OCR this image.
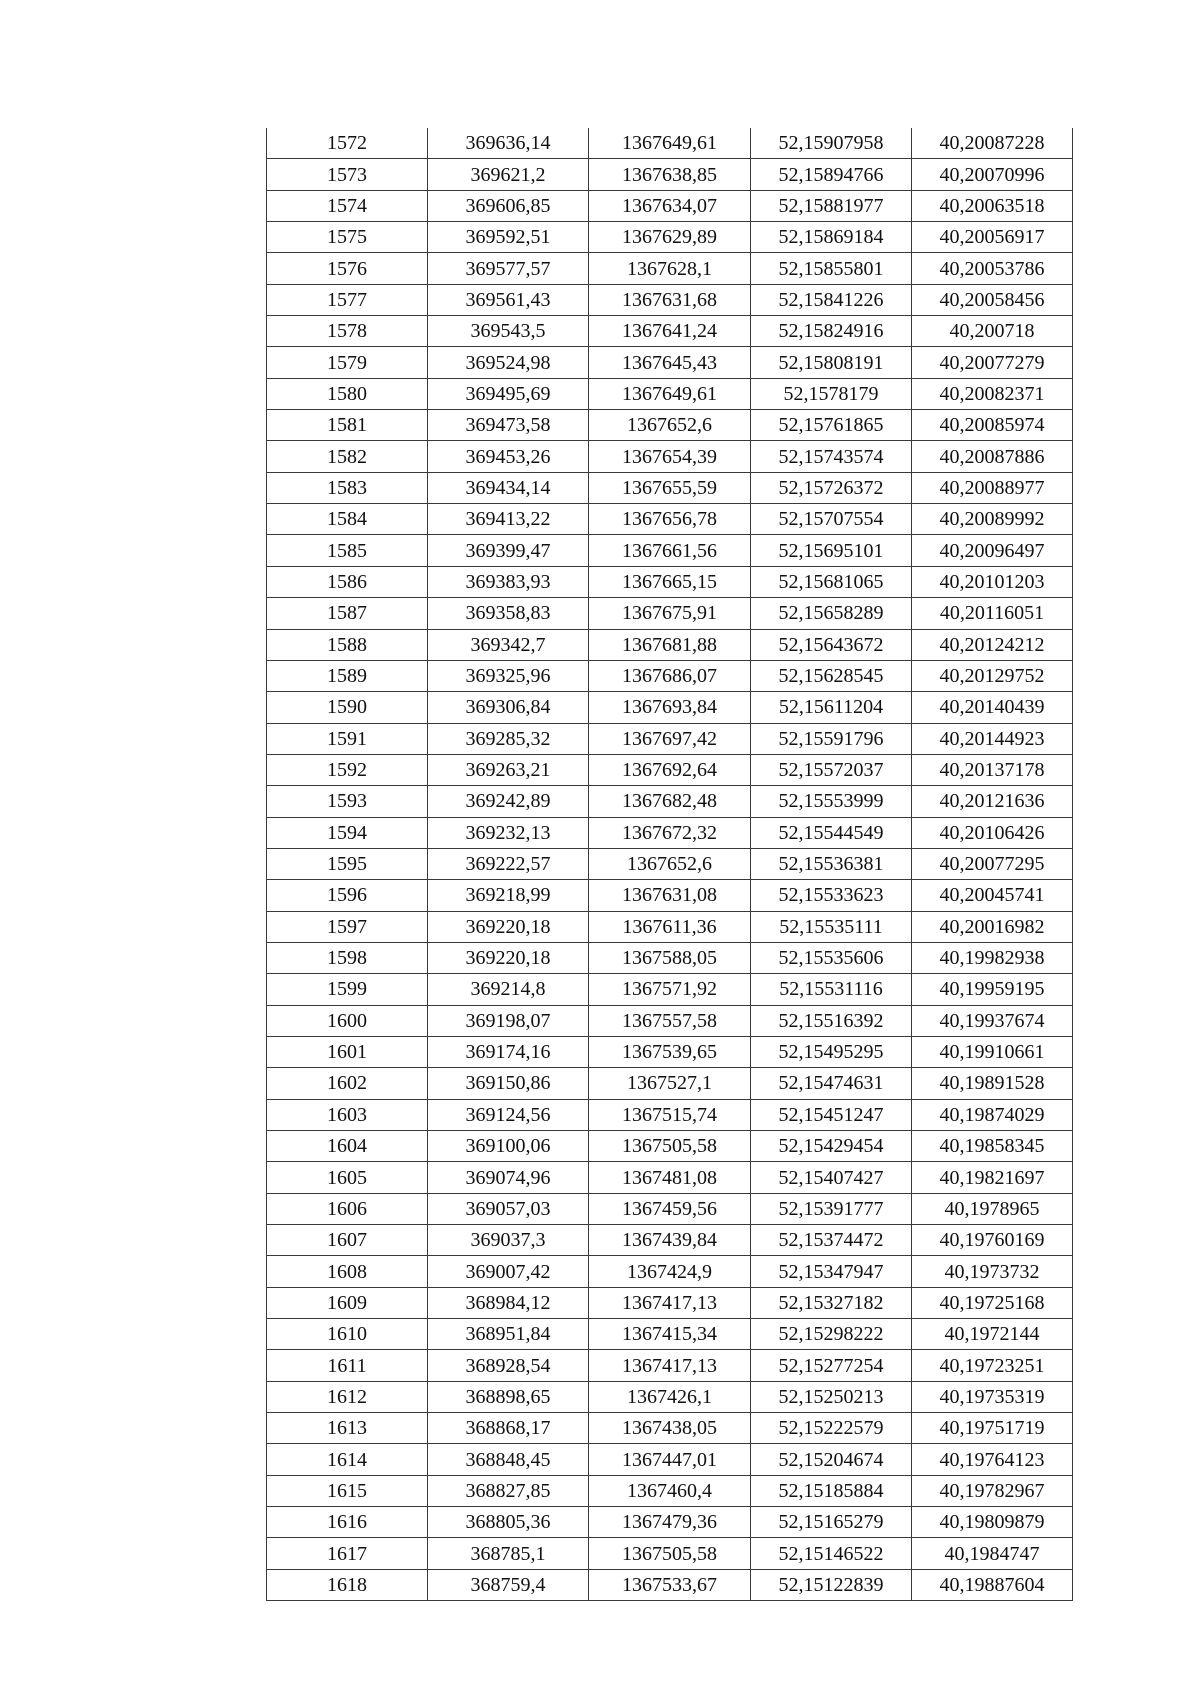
1572	369636,14	1367649,61	52,15907958	40,20087228
1573	369621,2	1367638,85	52,15894766	40,20070996
1574	369606,85	1367634,07	52,15881977	40,20063518
1575	369592,51	1367629,89	52,15869184	40,20056917
1576	369577,57	1367628,1	52,15855801	40,20053786
1577	369561,43	1367631,68	52,15841226	40,20058456
1578	369543,5	1367641,24	52,15824916	40,200718
1579	369524,98	1367645,43	52,15808191	40,20077279
1580	369495,69	1367649,61	52,1578179	40,20082371
1581	369473,58	1367652,6	52,15761865	40,20085974
1582	369453,26	1367654,39	52,15743574	40,20087886
1583	369434,14	1367655,59	52,15726372	40,20088977
1584	369413,22	1367656,78	52,15707554	40,20089992
1585	369399,47	1367661,56	52,15695101	40,20096497
1586	369383,93	1367665,15	52,15681065	40,20101203
1587	369358,83	1367675,91	52,15658289	40,20116051
1588	369342,7	1367681,88	52,15643672	40,20124212
1589	369325,96	1367686,07	52,15628545	40,20129752
1590	369306,84	1367693,84	52,15611204	40,20140439
1591	369285,32	1367697,42	52,15591796	40,20144923
1592	369263,21	1367692,64	52,15572037	40,20137178
1593	369242,89	1367682,48	52,15553999	40,20121636
1594	369232,13	1367672,32	52,15544549	40,20106426
1595	369222,57	1367652,6	52,15536381	40,20077295
1596	369218,99	1367631,08	52,15533623	40,20045741
1597	369220,18	1367611,36	52,15535111	40,20016982
1598	369220,18	1367588,05	52,15535606	40,19982938
1599	369214,8	1367571,92	52,15531116	40,19959195
1600	369198,07	1367557,58	52,15516392	40,19937674
1601	369174,16	1367539,65	52,15495295	40,19910661
1602	369150,86	1367527,1	52,15474631	40,19891528
1603	369124,56	1367515,74	52,15451247	40,19874029
1604	369100,06	1367505,58	52,15429454	40,19858345
1605	369074,96	1367481,08	52,15407427	40,19821697
1606	369057,03	1367459,56	52,15391777	40,1978965
1607	369037,3	1367439,84	52,15374472	40,19760169
1608	369007,42	1367424,9	52,15347947	40,1973732
1609	368984,12	1367417,13	52,15327182	40,19725168
1610	368951,84	1367415,34	52,15298222	40,1972144
1611	368928,54	1367417,13	52,15277254	40,19723251
1612	368898,65	1367426,1	52,15250213	40,19735319
1613	368868,17	1367438,05	52,15222579	40,19751719
1614	368848,45	1367447,01	52,15204674	40,19764123
1615	368827,85	1367460,4	52,15185884	40,19782967
1616	368805,36	1367479,36	52,15165279	40,19809879
1617	368785,1	1367505,58	52,15146522	40,1984747
1618	368759,4	1367533,67	52,15122839	40,19887604
